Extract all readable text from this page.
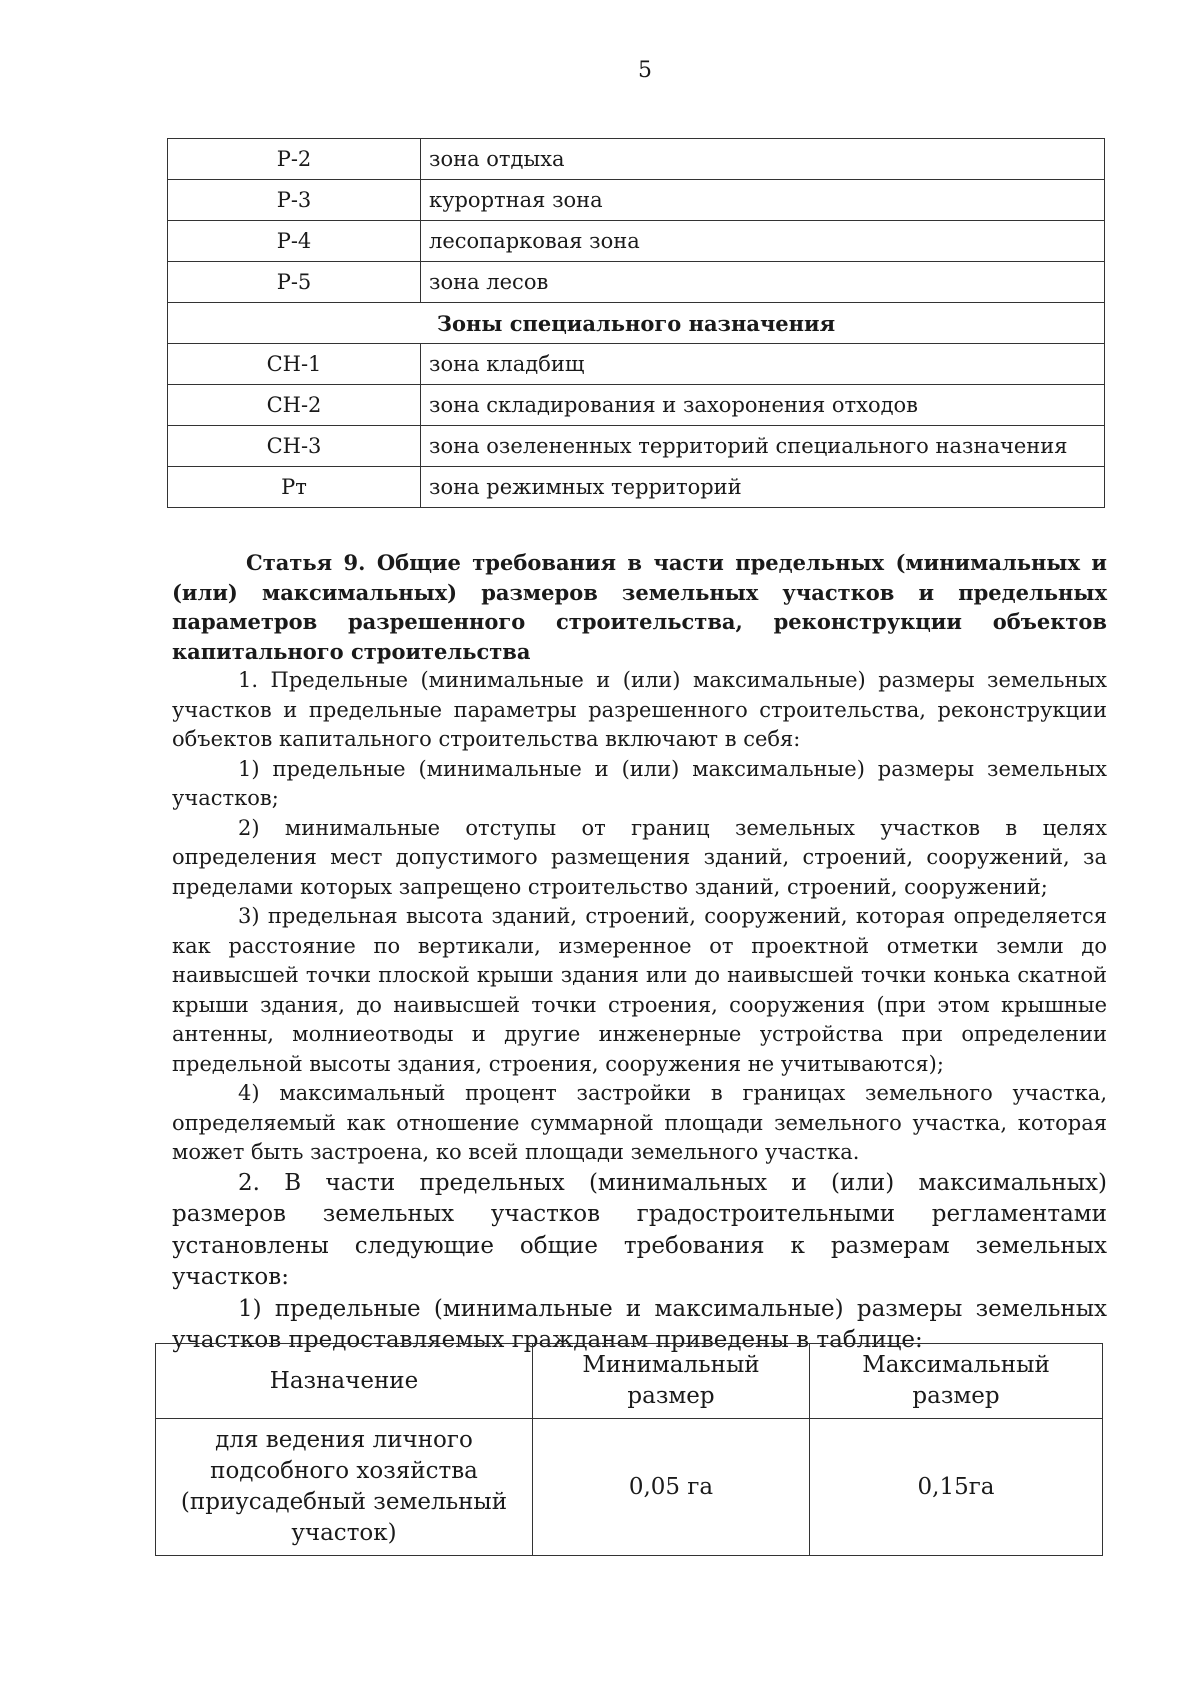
5
Р-2	зона отдыха
Р-3	курортная зона
Р-4	лесопарковая зона
Р-5	зона лесов
Зоны специального назначения	
СН-1	зона кладбищ
СН-2	зона складирования и захоронения отходов
СН-3	зона озелененных территорий специального назначения
Рт	зона режимных территорий

Статья 9. Общие требования в части предельных (минимальных и (или) максимальных) размеров земельных участков и предельных параметров разрешенного строительства, реконструкции объектов капитального строительства

1. Предельные (минимальные и (или) максимальные) размеры земельных участков и предельные параметры разрешенного строительства, реконструкции объектов капитального строительства включают в себя:

1) предельные (минимальные и (или) максимальные) размеры земельных участков;

2) минимальные отступы от границ земельных участков в целях определения мест допустимого размещения зданий, строений, сооружений, за пределами которых запрещено строительство зданий, строений, сооружений;

3) предельная высота зданий, строений, сооружений, которая определяется как расстояние по вертикали, измеренное от проектной отметки земли до наивысшей точки плоской крыши здания или до наивысшей точки конька скатной крыши здания, до наивысшей точки строения, сооружения (при этом крышные антенны, молниеотводы и другие инженерные устройства при определении предельной высоты здания, строения, сооружения не учитываются);

4) максимальный процент застройки в границах земельного участка, определяемый как отношение суммарной площади земельного участка, которая может быть застроена, ко всей площади земельного участка.

2. В части предельных (минимальных и (или) максимальных) размеров земельных участков градостроительными регламентами установлены следующие общие требования к размерам земельных участков:

1) предельные (минимальные и максимальные) размеры земельных участков предоставляемых гражданам приведены в таблице:

Назначение	Минимальный размер	Максимальный размер
для ведения личного подсобного хозяйства (приусадебный земельный участок)	0,05 га	0,15га
